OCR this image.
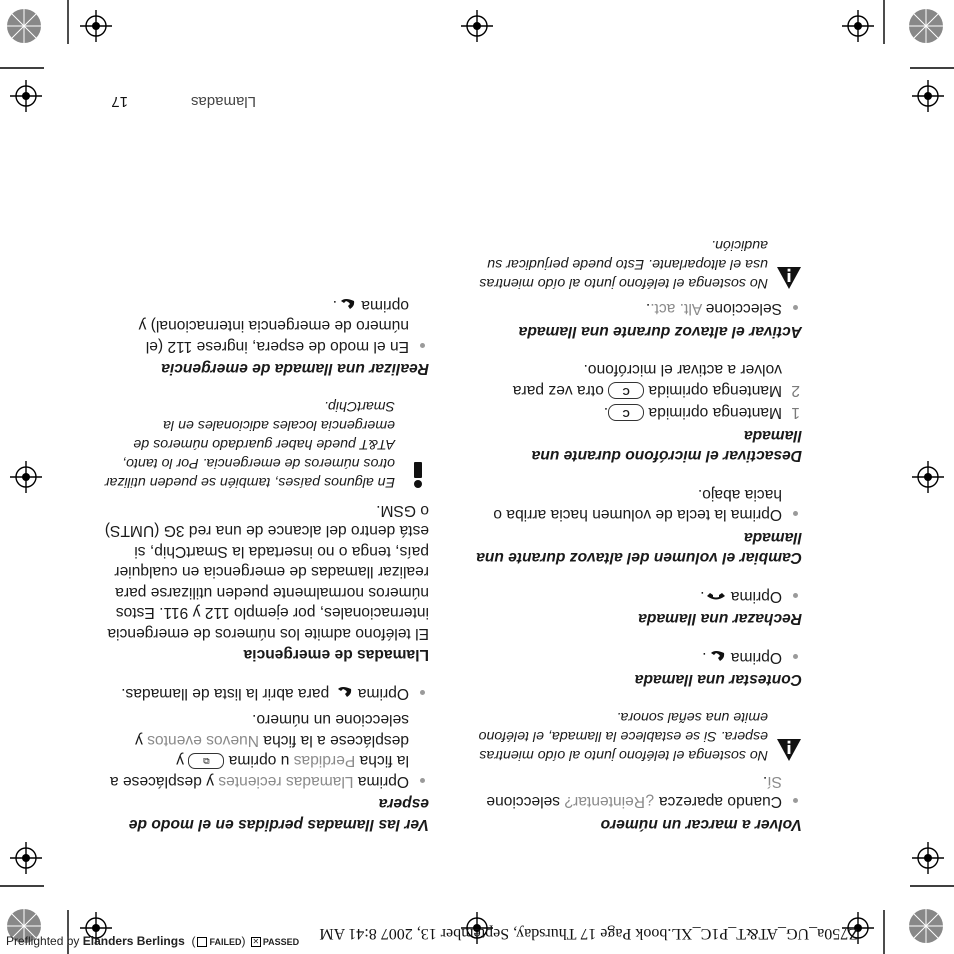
Preflighted by Elanders Berlings  ( FAILED) ✕ PASSED Z750a_UG_AT&T_P1C_XL.book Page 17 Thursday, September 13, 2007 8:41 AM
Volver a marcar un número
Cuando aparezca ¿Reintentar? seleccione Sí.
No sostenga el teléfono junto al oído mientras espera. Si se establece la llamada, el teléfono emite una señal sonora.
Contestar una llamada
Oprima .
Rechazar una llamada
Oprima .
Cambiar el volumen del altavoz durante una llamada
Oprima la tecla de volumen hacia arriba o hacia abajo.
Desactivar el micrófono durante una llamada
1
Mantenga oprimida C.
2
Mantenga oprimida C otra vez para volver a activar el micrófono.
Activar el altavoz durante una llamada
Seleccione Alt. act..
No sostenga el teléfono junto al oído mientras usa el altoparlante. Esto puede perjudicar su audición.
Ver las llamadas perdidas en el modo de espera
Oprima Llamadas recientes y desplácese a la ficha Perdidas u oprima ⧉ y desplácese a la ficha Nuevos eventos y seleccione un número.
Oprima  para abrir la lista de llamadas.
Llamadas de emergencia
El teléfono admite los números de emergencia internacionales, por ejemplo 112 y 911. Estos números normalmente pueden utilizarse para realizar llamadas de emergencia en cualquier país, tenga o no insertada la SmartChip, si está dentro del alcance de una red 3G (UMTS) o GSM.
En algunos países, también se pueden utilizar otros números de emergencia. Por lo tanto, AT&T puede haber guardado números de emergencia locales adicionales en la SmartChip.
Realizar una llamada de emergencia
En el modo de espera, ingrese 112 (el número de emergencia internacional) y oprima .
Llamadas
17
